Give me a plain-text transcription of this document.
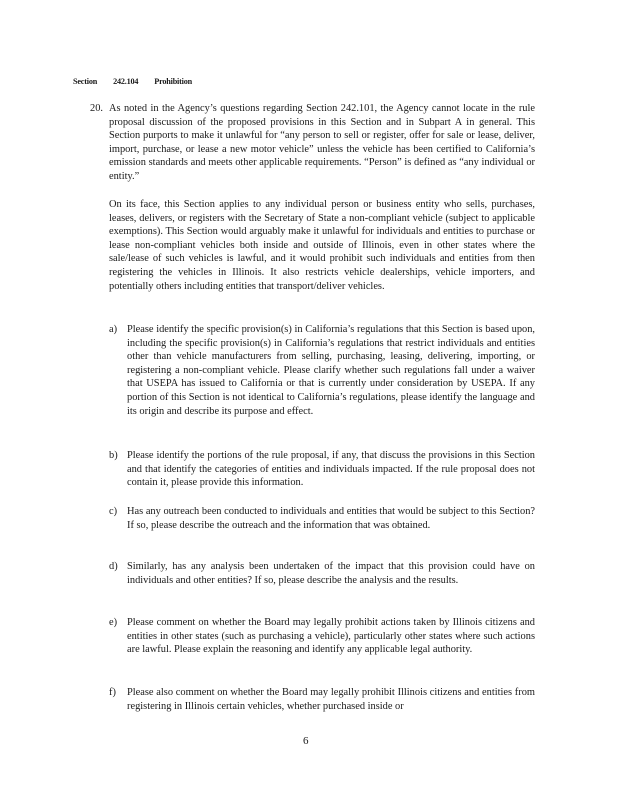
Section 242.104 Prohibition
20. As noted in the Agency’s questions regarding Section 242.101, the Agency cannot locate in the rule proposal discussion of the proposed provisions in this Section and in Subpart A in general. This Section purports to make it unlawful for “any person to sell or register, offer for sale or lease, deliver, import, purchase, or lease a new motor vehicle” unless the vehicle has been certified to California’s emission standards and meets other applicable requirements. “Person” is defined as “any individual or entity.”
On its face, this Section applies to any individual person or business entity who sells, purchases, leases, delivers, or registers with the Secretary of State a non-compliant vehicle (subject to applicable exemptions). This Section would arguably make it unlawful for individuals and entities to purchase or lease non-compliant vehicles both inside and outside of Illinois, even in other states where the sale/lease of such vehicles is lawful, and it would prohibit such individuals and entities from then registering the vehicles in Illinois. It also restricts vehicle dealerships, vehicle importers, and potentially others including entities that transport/deliver vehicles.
a) Please identify the specific provision(s) in California’s regulations that this Section is based upon, including the specific provision(s) in California’s regulations that restrict individuals and entities other than vehicle manufacturers from selling, purchasing, leasing, delivering, importing, or registering a non-compliant vehicle. Please clarify whether such regulations fall under a waiver that USEPA has issued to California or that is currently under consideration by USEPA. If any portion of this Section is not identical to California’s regulations, please identify the language and its origin and describe its purpose and effect.
b) Please identify the portions of the rule proposal, if any, that discuss the provisions in this Section and that identify the categories of entities and individuals impacted. If the rule proposal does not contain it, please provide this information.
c) Has any outreach been conducted to individuals and entities that would be subject to this Section? If so, please describe the outreach and the information that was obtained.
d) Similarly, has any analysis been undertaken of the impact that this provision could have on individuals and other entities? If so, please describe the analysis and the results.
e) Please comment on whether the Board may legally prohibit actions taken by Illinois citizens and entities in other states (such as purchasing a vehicle), particularly other states where such actions are lawful. Please explain the reasoning and identify any applicable legal authority.
f)	Please also comment on whether the Board may legally prohibit Illinois citizens and entities from registering in Illinois certain vehicles, whether purchased inside or
6
